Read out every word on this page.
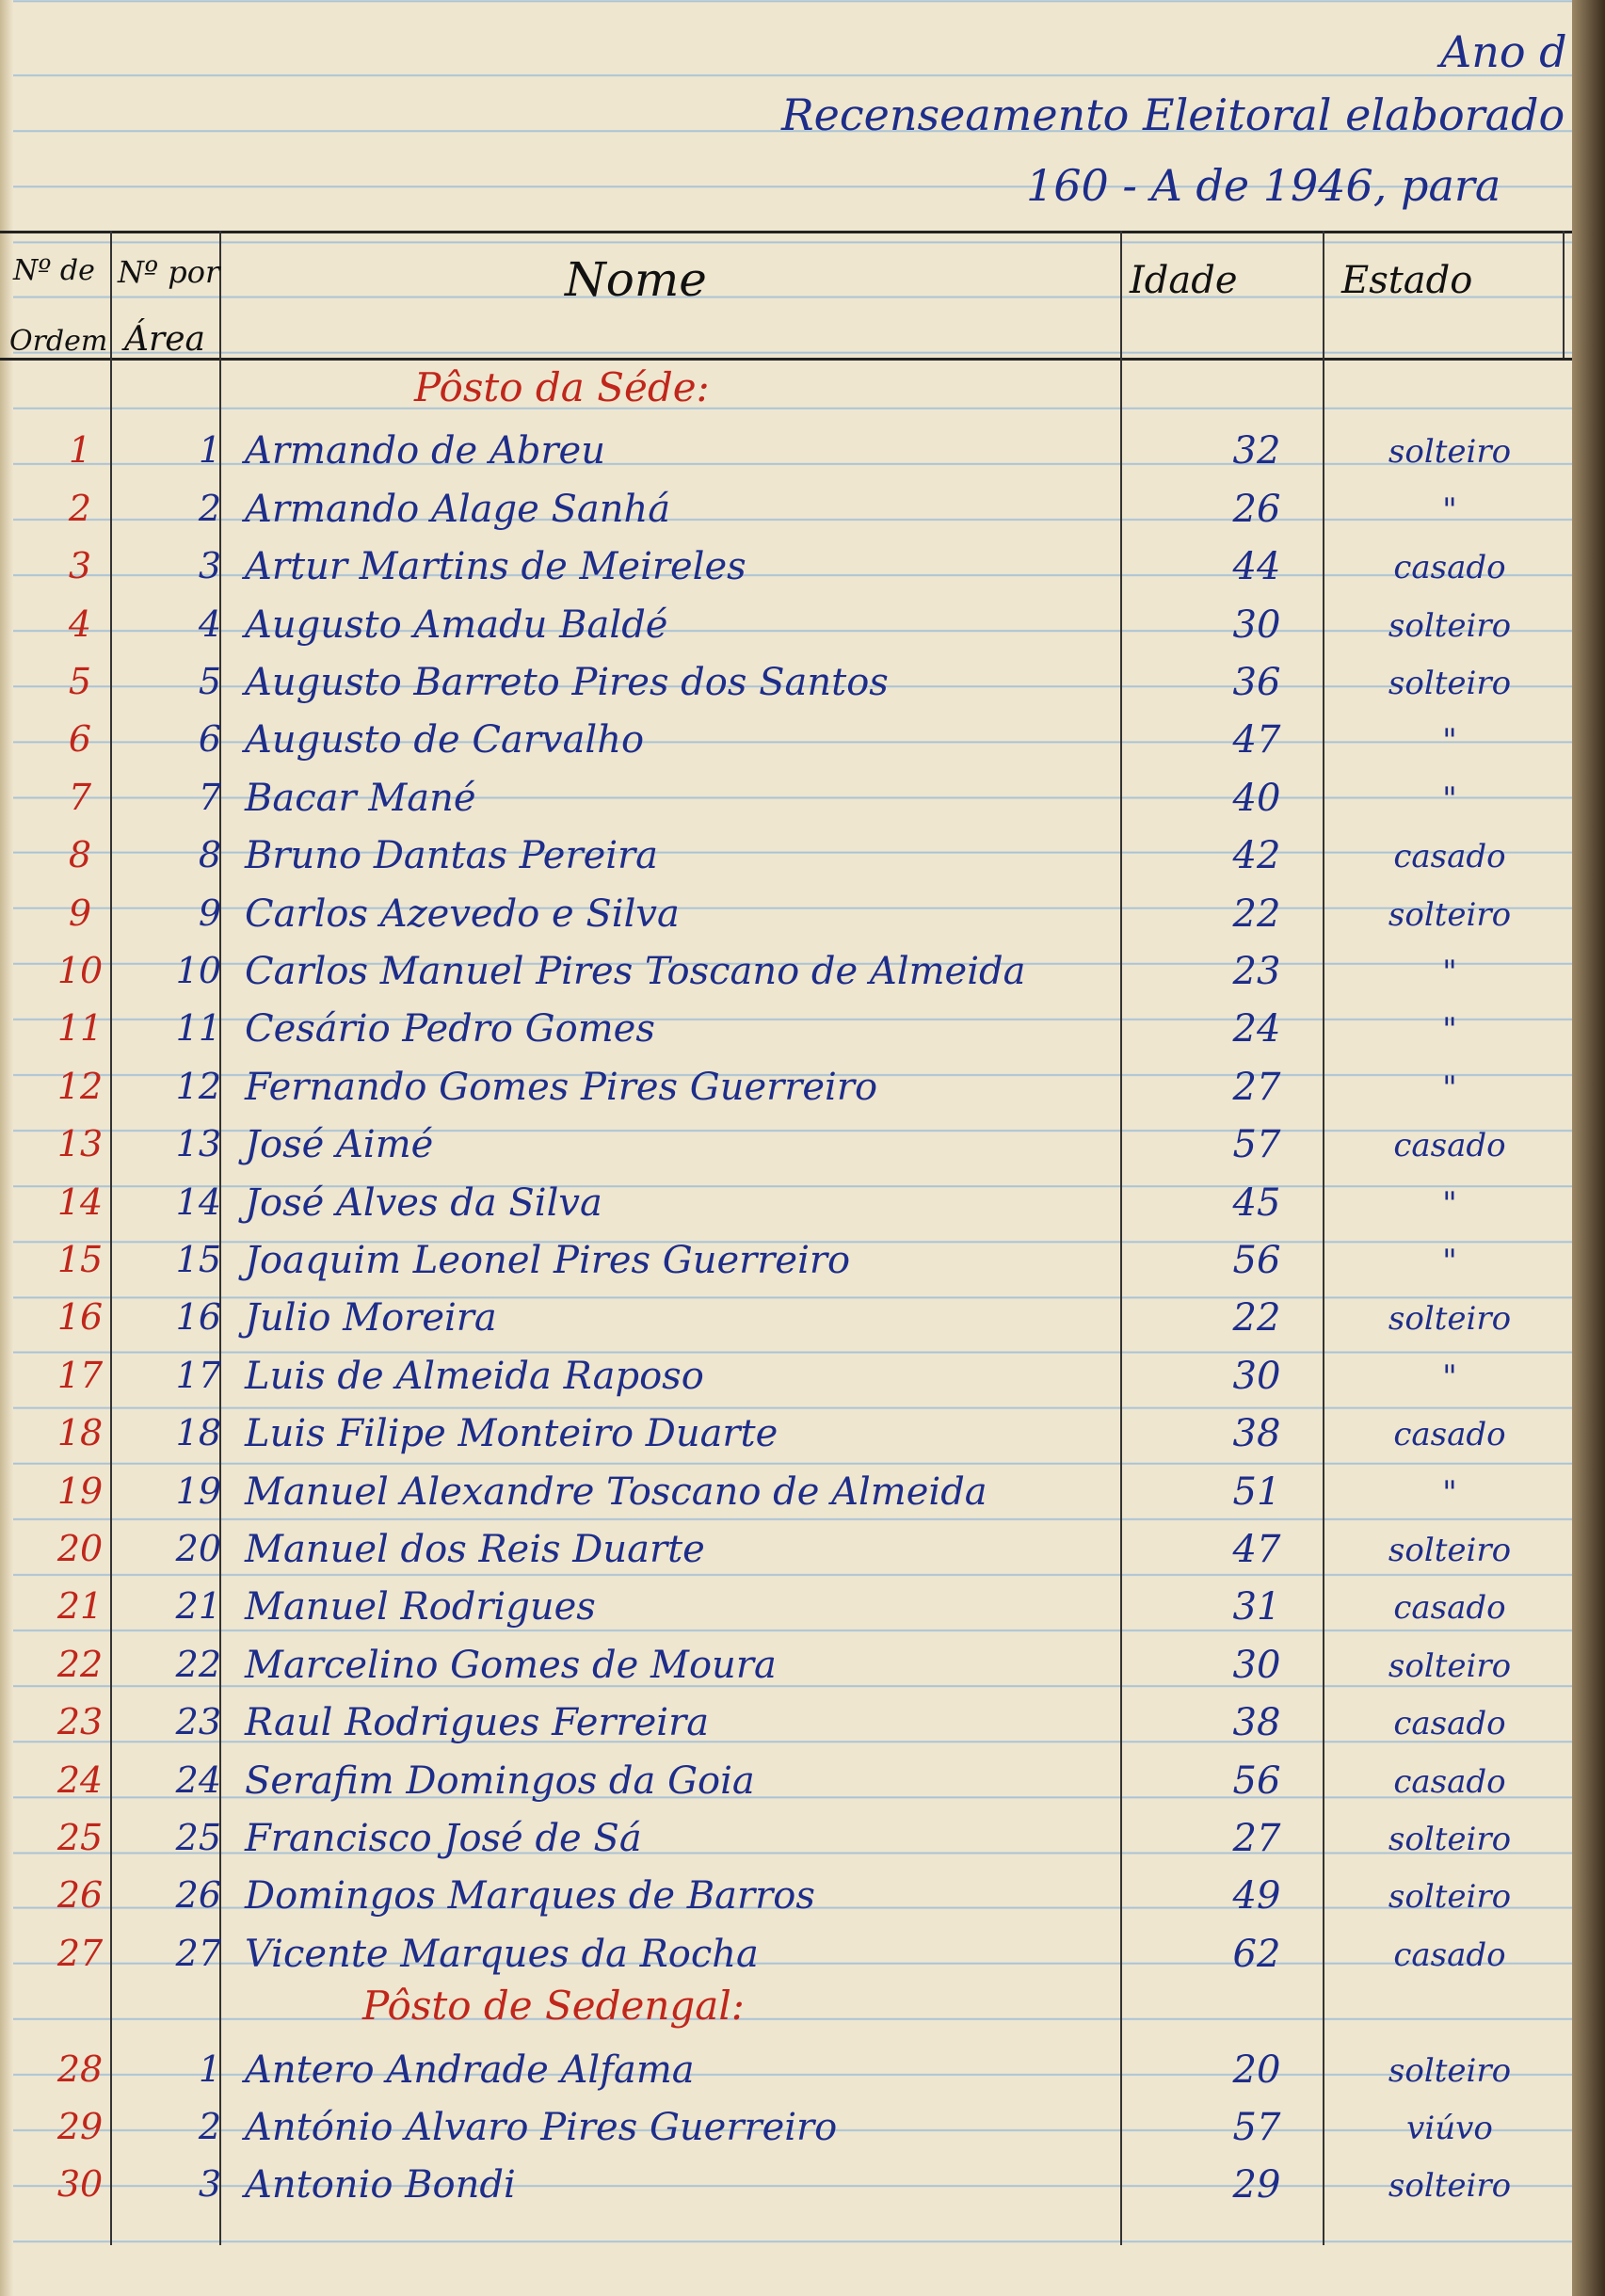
Ano d
Recenseamento Eleitoral elaborado
160 - A de 1946, para
Nº de
Ordem
Nº por
Área
Nome	Idade	Estado
Pôsto da Séde:
1	1 Armando de Abreu	32	solteiro
2	2 Armando Alage Sanhá	26	"
3	3 Artur Martins de Meireles	44	casado
4	4 Augusto Amadu Baldé	30	solteiro
5	5 Augusto Barreto Pires dos Santos	36	solteiro
6	6 Augusto de Carvalho	47	"
7	7 Bacar Mané	40	"
8	8 Bruno Dantas Pereira	42	casado
9	9 Carlos Azevedo e Silva	22	solteiro
10	10 Carlos Manuel Pires Toscano de Almeida	23	"
11	11 Cesário Pedro Gomes	24	"
12	12 Fernando Gomes Pires Guerreiro	27	"
13	13 José Aimé	57	casado
14	14 José Alves da Silva	45	"
15	15 Joaquim Leonel Pires Guerreiro	56	"
16	16 Julio Moreira	22	solteiro
17	17 Luis de Almeida Raposo	30	"
18	18 Luis Filipe Monteiro Duarte	38	casado
19	19 Manuel Alexandre Toscano de Almeida	51	"
20	20 Manuel dos Reis Duarte	47	solteiro
21	21 Manuel Rodrigues	31	casado
22	22 Marcelino Gomes de Moura	30	solteiro
23	23 Raul Rodrigues Ferreira	38	casado
24	24 Serafim Domingos da Goia	56	casado
25	25 Francisco José de Sá	27	solteiro
26	26 Domingos Marques de Barros	49	solteiro
27	27 Vicente Marques da Rocha	62	casado
Pôsto de Sedengal:
28	1 Antero Andrade Alfama	20	solteiro
29	2 António Alvaro Pires Guerreiro	57	viúvo
30	3 Antonio Bondi	29	solteiro
